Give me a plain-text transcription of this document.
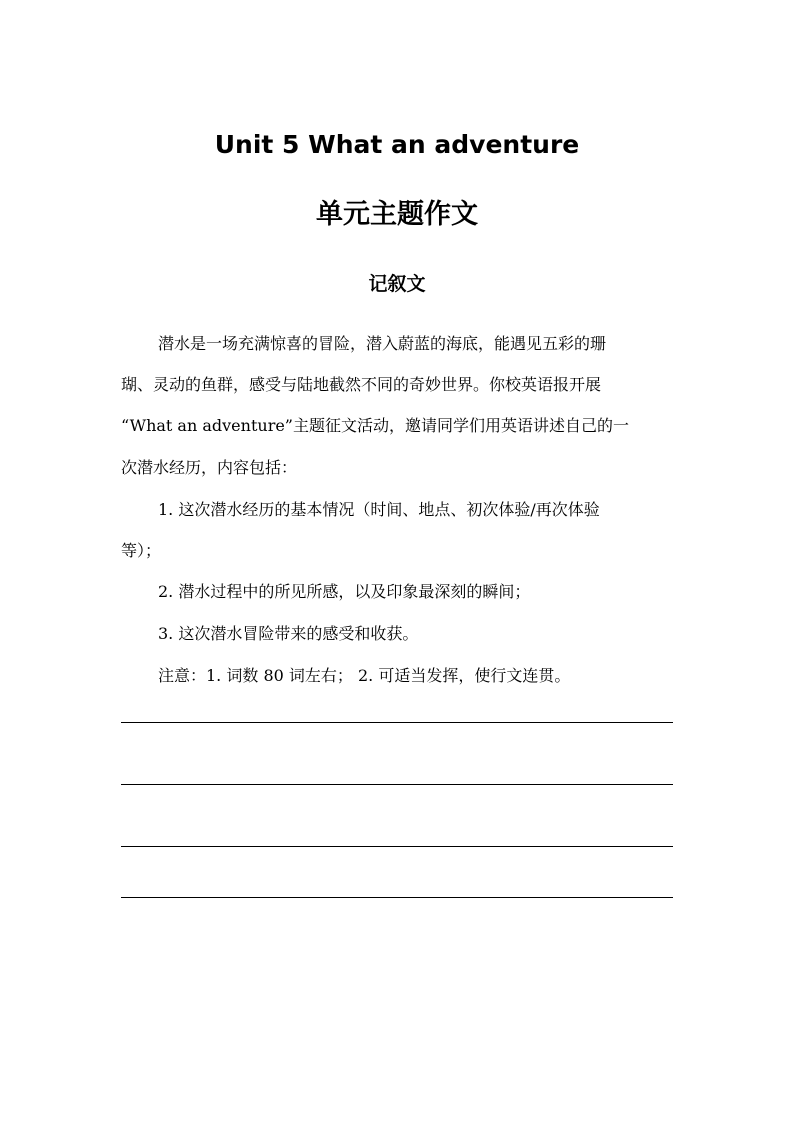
Unit 5 What an adventure
单元主题作文
记叙文
潜水是一场充满惊喜的冒险，潜入蔚蓝的海底，能遇见五彩的珊
瑚、灵动的鱼群，感受与陆地截然不同的奇妙世界。你校英语报开展
“What an adventure”主题征文活动，邀请同学们用英语讲述自己的一
次潜水经历，内容包括：
1. 这次潜水经历的基本情况（时间、地点、初次体验/再次体验
等）；
2. 潜水过程中的所见所感，以及印象最深刻的瞬间；
3. 这次潜水冒险带来的感受和收获。
注意：1. 词数 80 词左右； 2. 可适当发挥，使行文连贯。
